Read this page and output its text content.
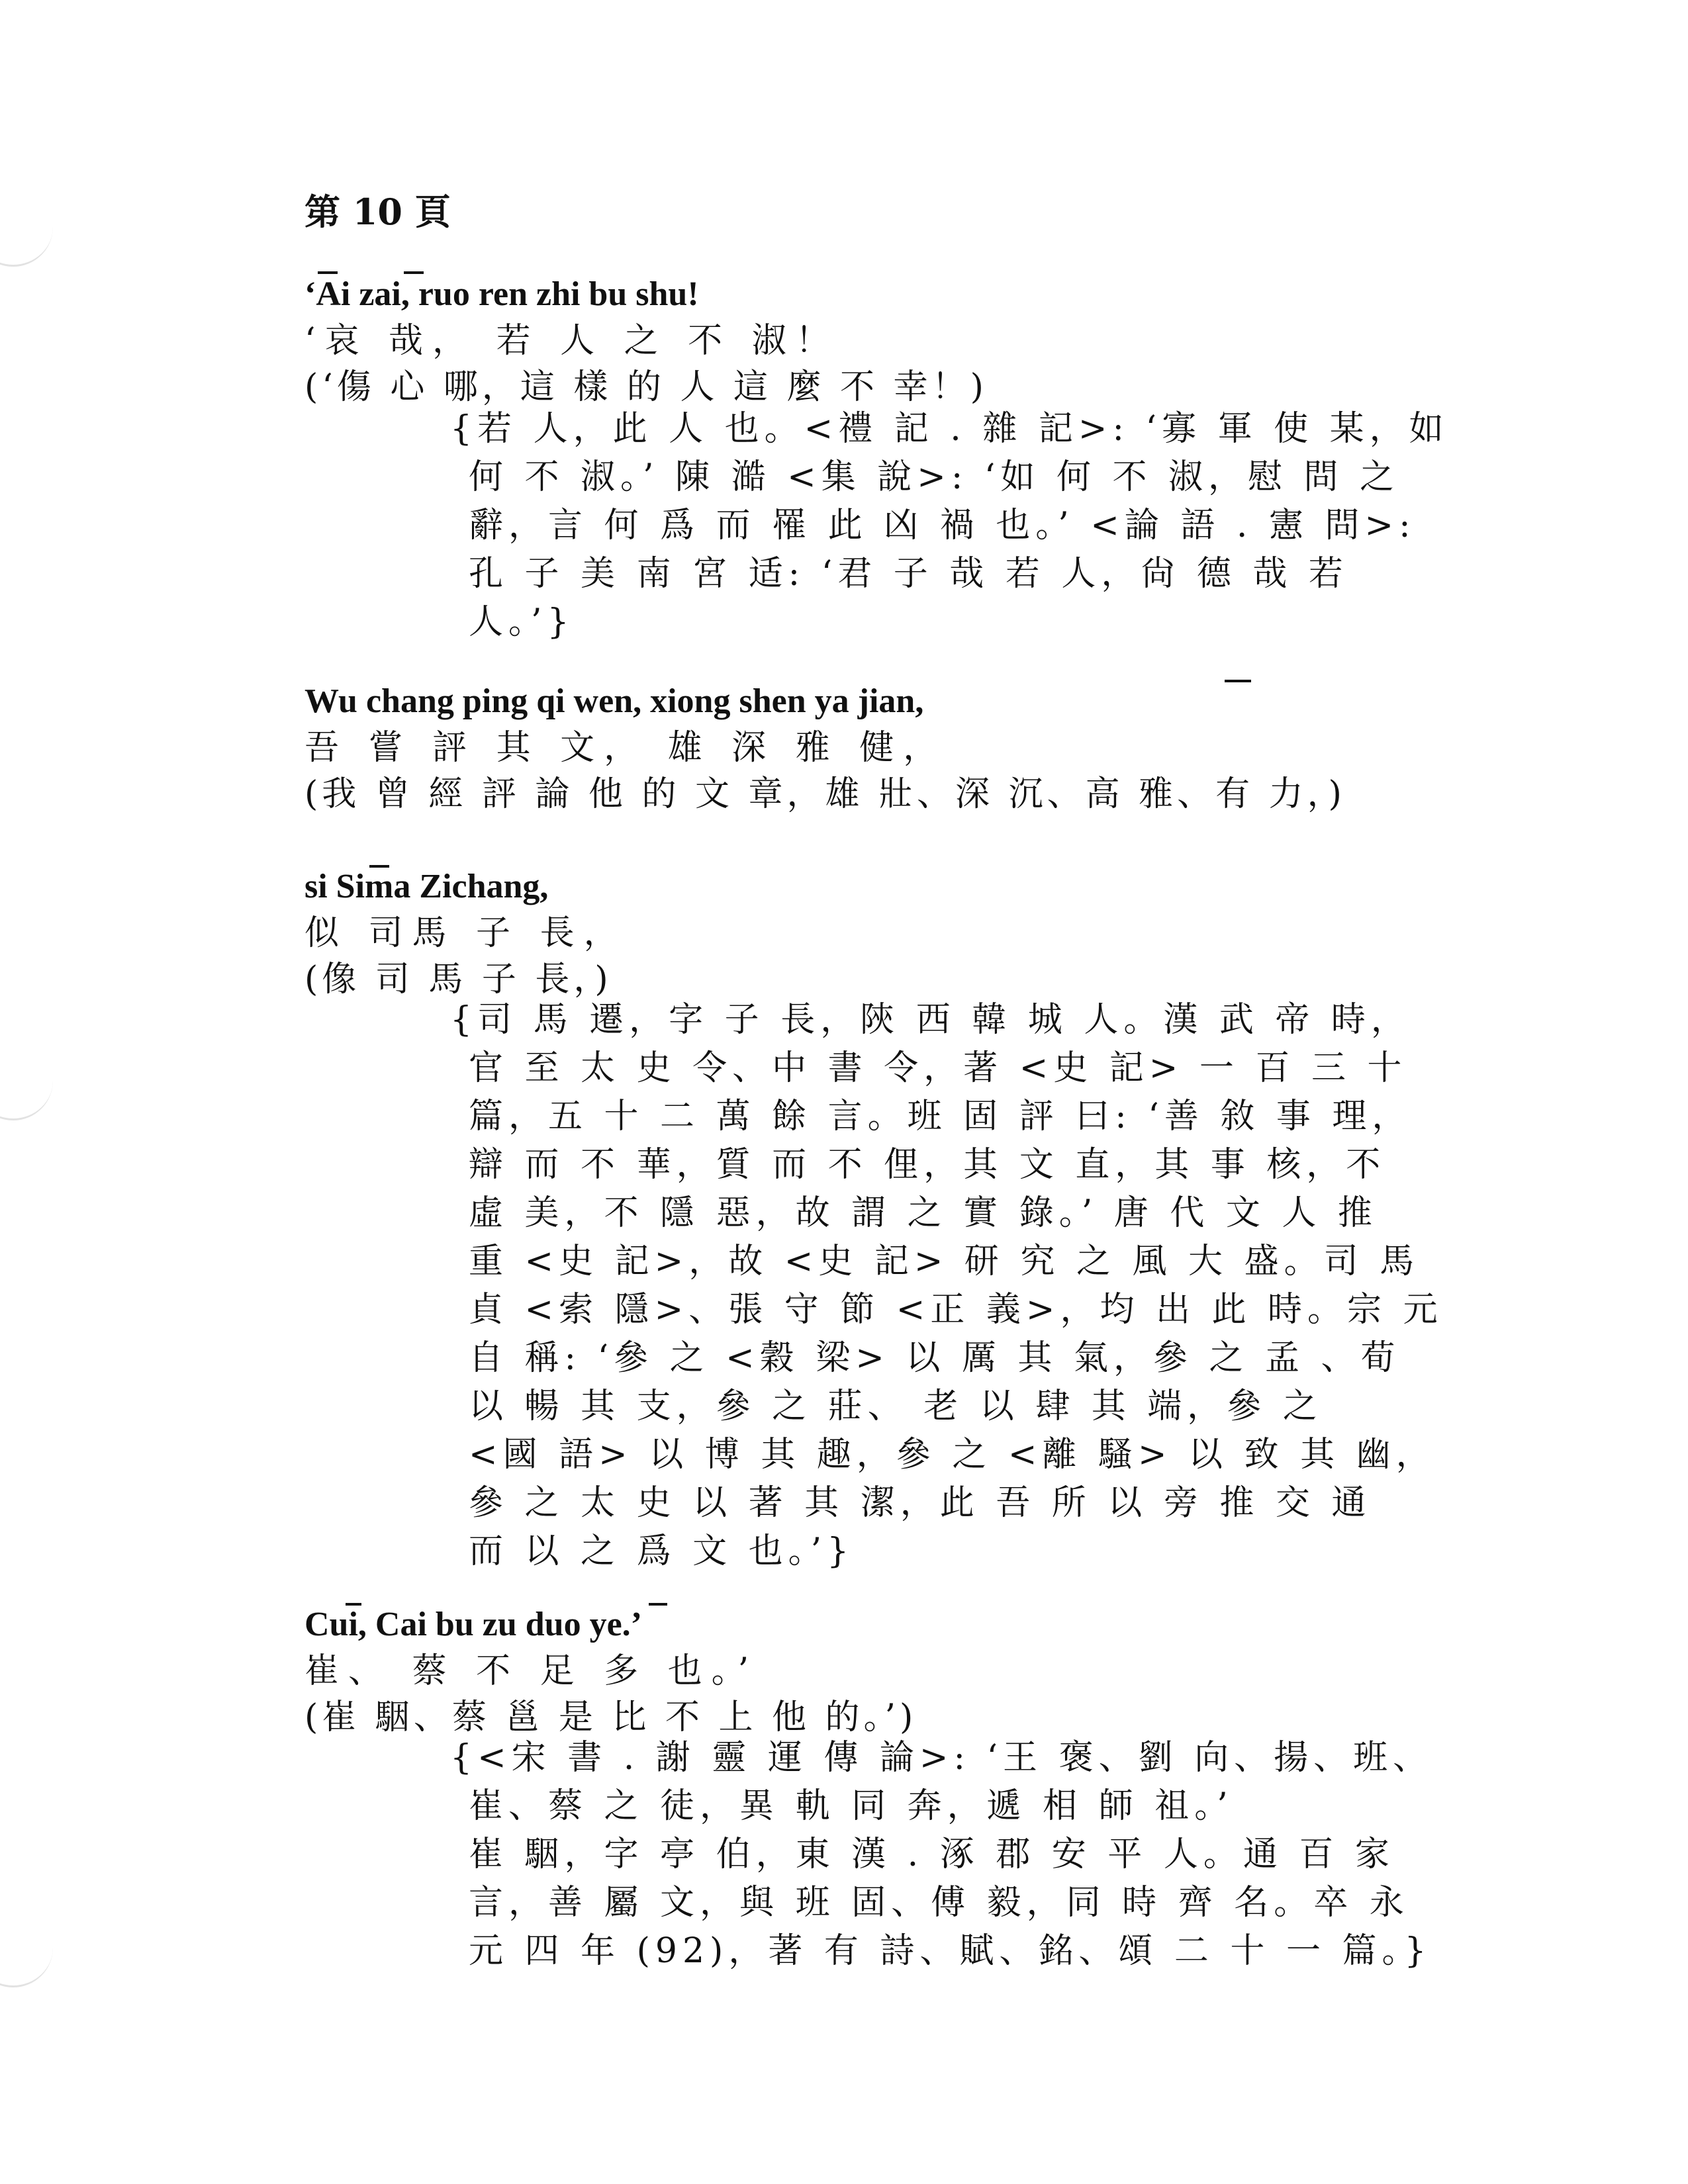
第 10 頁
‘Ai zai, ruo ren zhi bu shu!
‘哀 哉， 若 人 之 不 淑！
(‘傷 心 哪，這 樣 的 人 這 麼 不 幸！)
{若 人，此 人 也。<禮 記 . 雜 記>: ‘寡 軍 使 某，如
何 不 淑。’ 陳 澔 <集 說>: ‘如 何 不 淑，慰 問 之
辭，言 何 爲 而 罹 此 凶 禍 也。’ <論 語 . 憲 問>:
孔 子 美 南 宮 适: ‘君 子 哉 若 人，尙 德 哉 若
人。’}
Wu chang ping qi wen, xiong shen ya jian,
吾 嘗 評 其 文， 雄 深 雅 健，
(我 曾 經 評 論 他 的 文 章，雄 壯、深 沉、高 雅、有 力，)
si Sima Zichang,
似 司馬 子 長，
(像 司 馬 子 長，)
{司 馬 遷，字 子 長，陝 西 韓 城 人。漢 武 帝 時，
官 至 太 史 令、中 書 令，著 <史 記> 一 百 三 十
篇，五 十 二 萬 餘 言。班 固 評 曰: ‘善 敘 事 理，
辯 而 不 華，質 而 不 俚，其 文 直，其 事 核，不
虛 美，不 隱 惡，故 謂 之 實 錄。’ 唐 代 文 人 推
重 <史 記>，故 <史 記> 研 究 之 風 大 盛。司 馬
貞 <索 隱>、張 守 節 <正 義>，均 出 此 時。宗 元
自 稱: ‘參 之 <穀 梁> 以 厲 其 氣，參 之 孟 、荀
以 暢 其 支，參 之 莊、 老 以 肆 其 端，參 之
<國 語> 以 博 其 趣，參 之 <離 騷> 以 致 其 幽，
參 之 太 史 以 著 其 潔，此 吾 所 以 旁 推 交 通
而 以 之 爲 文 也。’}
Cui, Cai bu zu duo ye.’
崔、 蔡 不 足 多 也。’
(崔 駰、蔡 邕 是 比 不 上 他 的。’)
{<宋 書 . 謝 靈 運 傳 論>: ‘王 褒、劉 向、揚、班、
崔、蔡 之 徒，異 軌 同 奔，遞 相 師 祖。’
崔 駰，字 亭 伯，東 漢 . 涿 郡 安 平 人。通 百 家
言，善 屬 文，與 班 固、傅 毅，同 時 齊 名。卒 永
元 四 年 (92)，著 有 詩、賦、銘、頌 二 十 一 篇。}
